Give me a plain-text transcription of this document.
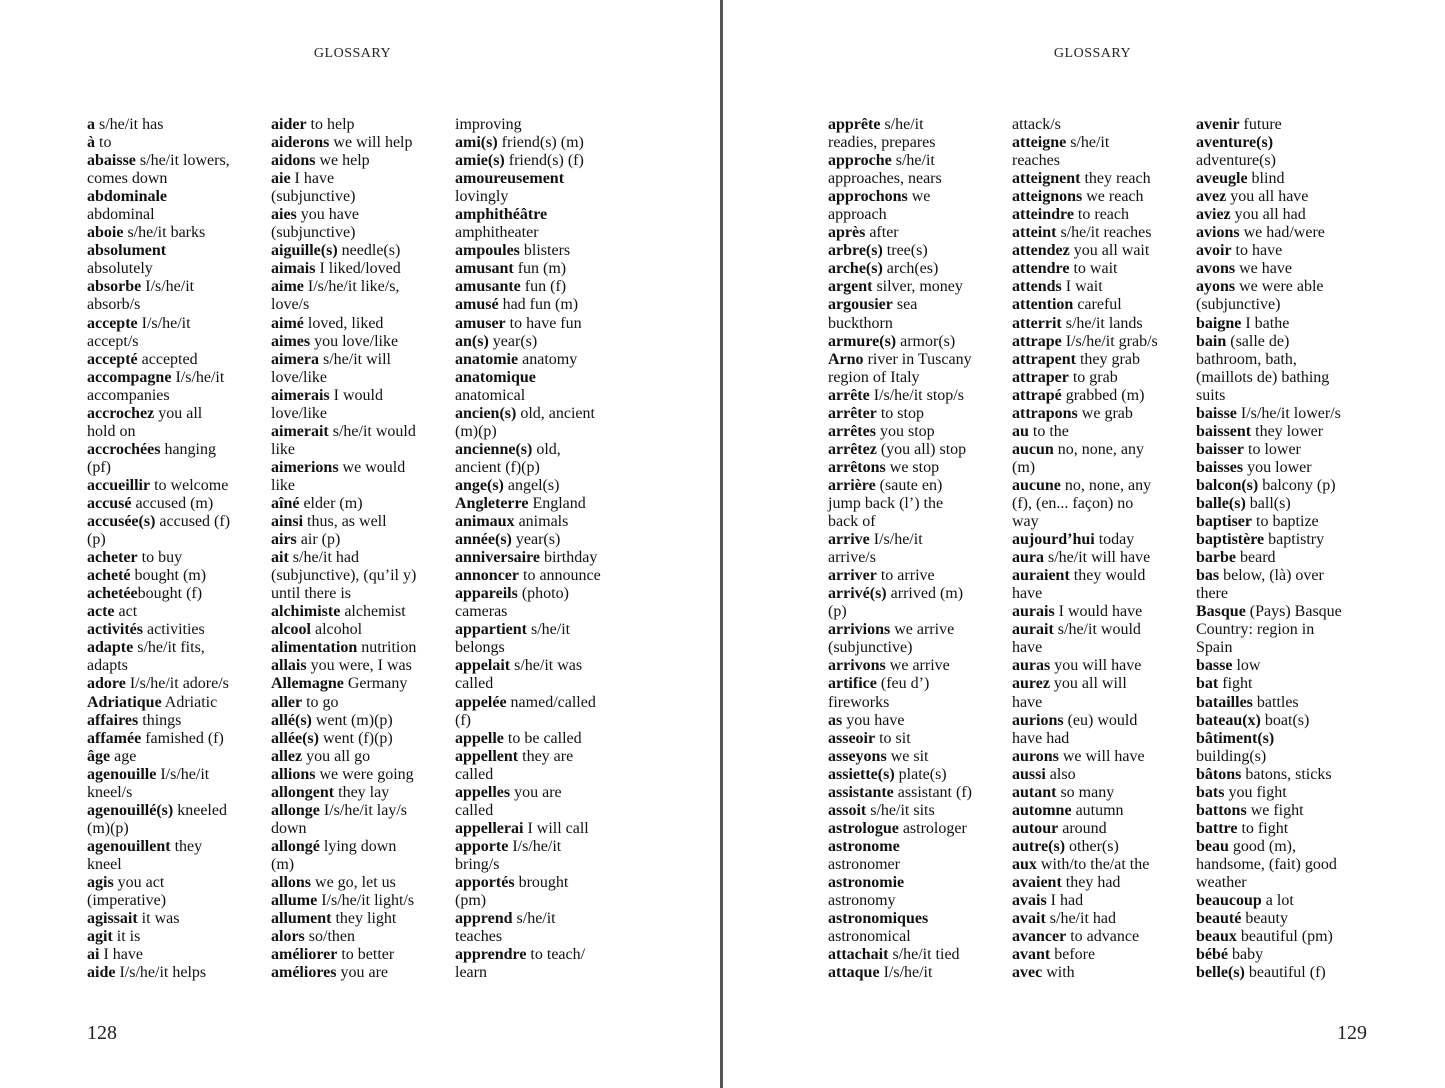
GLOSSARY
a s/he/it has
à to
abaisse s/he/it lowers,
comes down
abdominale
abdominal
aboie s/he/it barks
absolument
absolutely
absorbe I/s/he/it
absorb/s
accepte I/s/he/it
accept/s
accepté accepted
accompagne I/s/he/it
accompanies
accrochez you all
hold on
accrochées hanging
(pf)
accueillir to welcome
accusé accused (m)
accusée(s) accused (f)
(p)
acheter to buy
acheté bought (m)
achetéebought (f)
acte act
activités activities
adapte s/he/it fits,
adapts
adore I/s/he/it adore/s
Adriatique Adriatic
affaires things
affamée famished (f)
âge age
agenouille I/s/he/it
kneel/s
agenouillé(s) kneeled
(m)(p)
agenouillent they
kneel
agis you act
(imperative)
agissait it was
agit it is
ai I have
aide I/s/he/it helps
aider to help
aiderons we will help
aidons we help
aie I have
(subjunctive)
aies you have
(subjunctive)
aiguille(s) needle(s)
aimais I liked/loved
aime I/s/he/it like/s,
love/s
aimé loved, liked
aimes you love/like
aimera s/he/it will
love/like
aimerais I would
love/like
aimerait s/he/it would
like
aimerions we would
like
aîné elder (m)
ainsi thus, as well
airs air (p)
ait s/he/it had
(subjunctive), (qu’il y)
until there is
alchimiste alchemist
alcool alcohol
alimentation nutrition
allais you were, I was
Allemagne Germany
aller to go
allé(s) went (m)(p)
allée(s) went (f)(p)
allez you all go
allions we were going
allongent they lay
allonge I/s/he/it lay/s
down
allongé lying down
(m)
allons we go, let us
allume I/s/he/it light/s
allument they light
alors so/then
améliorer to better
améliores you are
improving
ami(s) friend(s) (m)
amie(s) friend(s) (f)
amoureusement
lovingly
amphithéâtre
amphitheater
ampoules blisters
amusant fun (m)
amusante fun (f)
amusé had fun (m)
amuser to have fun
an(s) year(s)
anatomie anatomy
anatomique
anatomical
ancien(s) old, ancient
(m)(p)
ancienne(s) old,
ancient (f)(p)
ange(s) angel(s)
Angleterre England
animaux animals
année(s) year(s)
anniversaire birthday
annoncer to announce
appareils (photo)
cameras
appartient s/he/it
belongs
appelait s/he/it was
called
appelée named/called
(f)
appelle to be called
appellent they are
called
appelles you are
called
appellerai I will call
apporte I/s/he/it
bring/s
apportés brought
(pm)
apprend s/he/it
teaches
apprendre to teach/
learn
128
GLOSSARY
apprête s/he/it
readies, prepares
approche s/he/it
approaches, nears
approchons we
approach
après after
arbre(s) tree(s)
arche(s) arch(es)
argent silver, money
argousier sea
buckthorn
armure(s) armor(s)
Arno river in Tuscany
region of Italy
arrête I/s/he/it stop/s
arrêter to stop
arrêtes you stop
arrêtez (you all) stop
arrêtons we stop
arrière (saute en)
jump back (l’) the
back of
arrive I/s/he/it
arrive/s
arriver to arrive
arrivé(s) arrived (m)
(p)
arrivions we arrive
(subjunctive)
arrivons we arrive
artifice (feu d’)
fireworks
as you have
asseoir to sit
asseyons we sit
assiette(s) plate(s)
assistante assistant (f)
assoit s/he/it sits
astrologue astrologer
astronome
astronomer
astronomie
astronomy
astronomiques
astronomical
attachait s/he/it tied
attaque I/s/he/it
attack/s
atteigne s/he/it
reaches
atteignent they reach
atteignons we reach
atteindre to reach
atteint s/he/it reaches
attendez you all wait
attendre to wait
attends I wait
attention careful
atterrit s/he/it lands
attrape I/s/he/it grab/s
attrapent they grab
attraper to grab
attrapé grabbed (m)
attrapons we grab
au to the
aucun no, none, any
(m)
aucune no, none, any
(f), (en... façon) no
way
aujourd’hui today
aura s/he/it will have
auraient they would
have
aurais I would have
aurait s/he/it would
have
auras you will have
aurez you all will
have
aurions (eu) would
have had
aurons we will have
aussi also
autant so many
automne autumn
autour around
autre(s) other(s)
aux with/to the/at the
avaient they had
avais I had
avait s/he/it had
avancer to advance
avant before
avec with
avenir future
aventure(s)
adventure(s)
aveugle blind
avez you all have
aviez you all had
avions we had/were
avoir to have
avons we have
ayons we were able
(subjunctive)
baigne I bathe
bain (salle de)
bathroom, bath,
(maillots de) bathing
suits
baisse I/s/he/it lower/s
baissent they lower
baisser to lower
baisses you lower
balcon(s) balcony (p)
balle(s) ball(s)
baptiser to baptize
baptistère baptistry
barbe beard
bas below, (là) over
there
Basque (Pays) Basque
Country: region in
Spain
basse low
bat fight
batailles battles
bateau(x) boat(s)
bâtiment(s)
building(s)
bâtons batons, sticks
bats you fight
battons we fight
battre to fight
beau good (m),
handsome, (fait) good
weather
beaucoup a lot
beauté beauty
beaux beautiful (pm)
bébé baby
belle(s) beautiful (f)
129
